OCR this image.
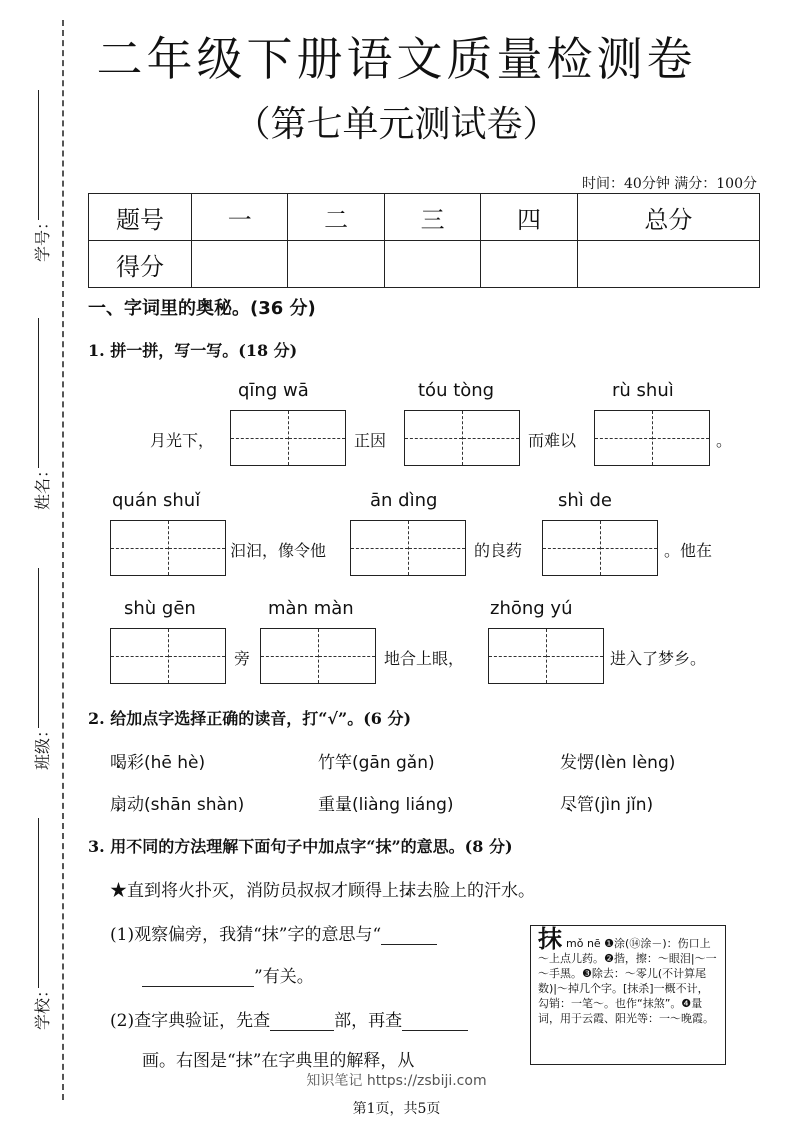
学号：
姓名：
班级：
学校：
二年级下册语文质量检测卷
（第七单元测试卷）
时间：40分钟 满分：100分
题号	一	二	三	四	总分
得分					
一、字词里的奥秘。(36 分)
1. 拼一拼，写一写。(18 分)
qīng wā	tóu tòng	rù shuì
月光下，	正因	而难以	。
quán shuǐ	ān dìng	shì de
汩汩，像令他	的良药	。他在
shù gēn	màn màn	zhōng yú
旁	地合上眼，	进入了梦乡。
2. 给加点字选择正确的读音，打“√”。(6 分)
喝彩(hē hè)	竹竿(gān gǎn)	发愣(lèn lèng)
扇动(shān shàn)	重量(liàng liáng)	尽管(jìn jǐn)
3. 用不同的方法理解下面句子中加点字“抹”的意思。(8 分)
★直到将火扑灭，消防员叔叔才顾得上抹去脸上的汗水。
(1)观察偏旁，我猜“抹”字的意思与“
”有关。
(2)查字典验证，先查	部，再查
画。右图是“抹”在字典里的解释，从
抹mǒ nē ❶涂(⑭涂－)：伤口上～上点儿药。❷揩，擦：～眼泪|～一～手黑。❸除去：～零儿(不计算尾数)|～掉几个字。[抹杀]一概不计，勾销：一笔～。也作“抹煞”。❹量词，用于云霞、阳光等：一～晚霞。
知识笔记 https://zsbiji.com
第1页，共5页
